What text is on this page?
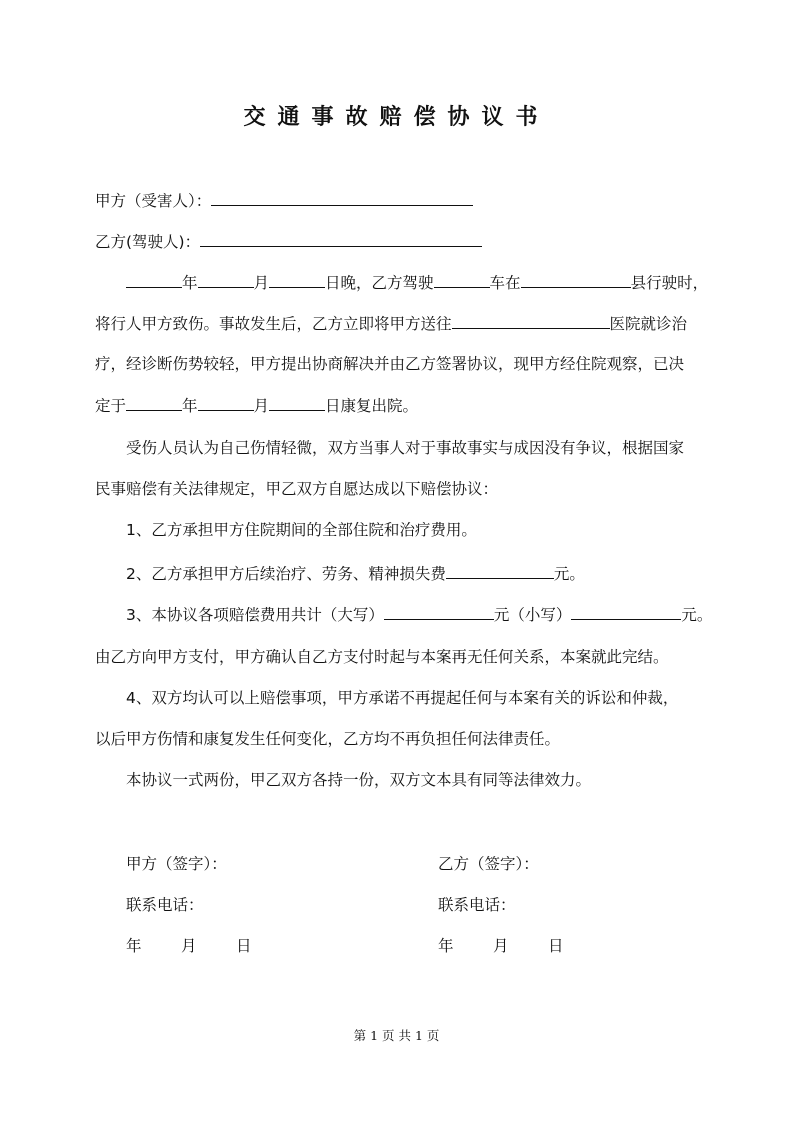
交通事故赔偿协议书
甲方（受害人）：
乙方(驾驶人)：
年	月	日晚，乙方驾驶	车在	县行驶时，
将行人甲方致伤。事故发生后，乙方立即将甲方送往	医院就诊治
疗，经诊断伤势较轻，甲方提出协商解决并由乙方签署协议，现甲方经住院观察，已决
定于	年	月	日康复出院。
受伤人员认为自己伤情轻微，双方当事人对于事故事实与成因没有争议，根据国家
民事赔偿有关法律规定，甲乙双方自愿达成以下赔偿协议：
1、乙方承担甲方住院期间的全部住院和治疗费用。
2、乙方承担甲方后续治疗、劳务、精神损失费	元。
3、本协议各项赔偿费用共计（大写）	元（小写）	元。
由乙方向甲方支付，甲方确认自乙方支付时起与本案再无任何关系，本案就此完结。
4、双方均认可以上赔偿事项，甲方承诺不再提起任何与本案有关的诉讼和仲裁，
以后甲方伤情和康复发生任何变化，乙方均不再负担任何法律责任。
本协议一式两份，甲乙双方各持一份，双方文本具有同等法律效力。
甲方（签字）：
联系电话：
年	月	日
乙方（签字）：
联系电话：
年	月	日
第 1 页 共 1 页
